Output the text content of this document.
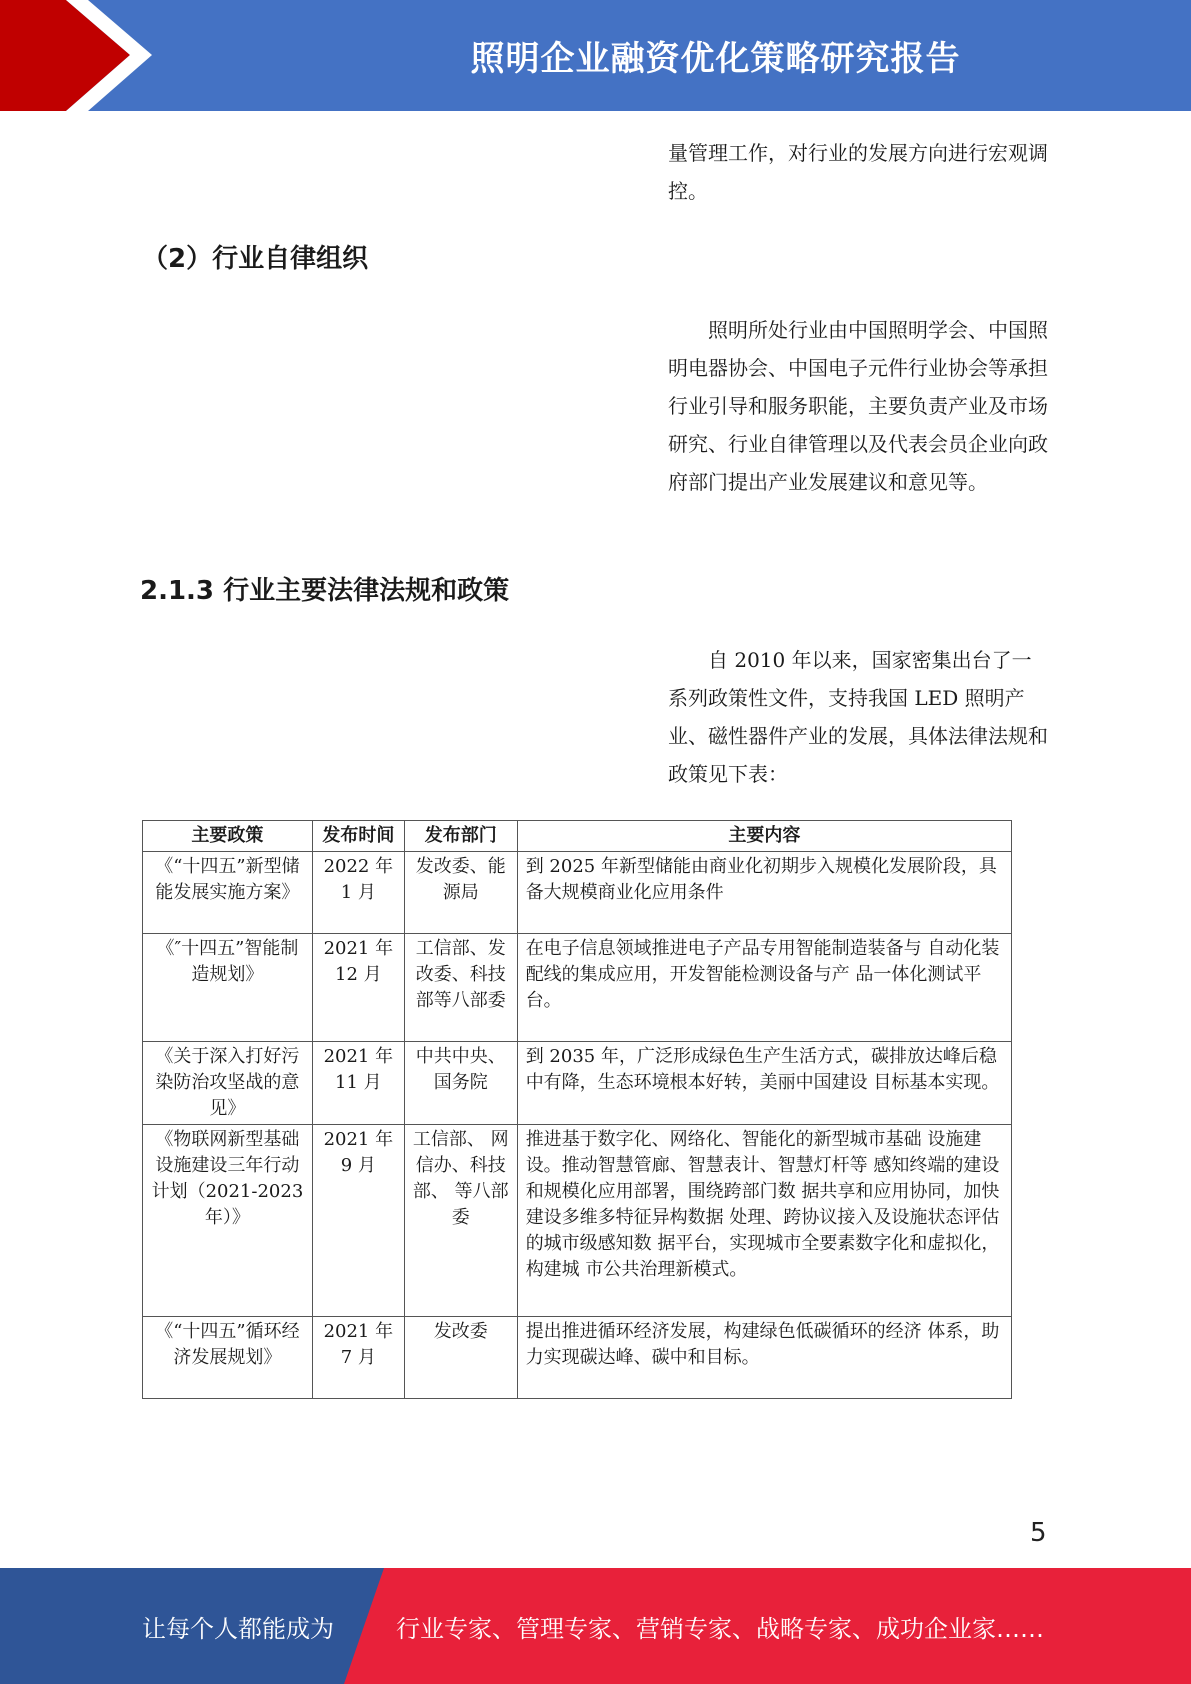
照明企业融资优化策略研究报告

量管理工作，对行业的发展方向进行宏观调控。

（2）行业自律组织

照明所处行业由中国照明学会、中国照明电器协会、中国电子元件行业协会等承担行业引导和服务职能，主要负责产业及市场研究、行业自律管理以及代表会员企业向政府部门提出产业发展建议和意见等。

2.1.3 行业主要法律法规和政策

自 2010 年以来，国家密集出台了一系列政策性文件，支持我国 LED 照明产业、磁性器件产业的发展，具体法律法规和政策见下表：

主要政策	发布时间	发布部门	主要内容
《“十四五”新型储能发展实施方案》	2022 年 1 月	发改委、能源局	到 2025 年新型储能由商业化初期步入规模化发展阶段，具备大规模商业化应用条件
《″十四五”智能制造规划》	2021 年 12 月	工信部、发改委、科技部等八部委	在电子信息领域推进电子产品专用智能制造装备与 自动化装配线的集成应用，开发智能检测设备与产 品一体化测试平台。
《关于深入打好污染防治攻坚战的意见》	2021 年 11 月	中共中央、国务院	到 2035 年，广泛形成绿色生产生活方式，碳排放达峰后稳中有降，生态环境根本好转，美丽中国建设 目标基本实现。
《物联网新型基础设施建设三年行动计划（2021-2023 年）》	2021 年 9 月	工信部、 网信办、科技部、 等八部委	推进基于数字化、网络化、智能化的新型城市基础 设施建设。推动智慧管廊、智慧表计、智慧灯杆等 感知终端的建设和规模化应用部署，围绕跨部门数 据共享和应用协同，加快建设多维多特征异构数据 处理、跨协议接入及设施状态评估的城市级感知数 据平台，实现城市全要素数字化和虚拟化，构建城 市公共治理新模式。
《“十四五”循环经济发展规划》	2021 年 7 月	发改委	提出推进循环经济发展，构建绿色低碳循环的经济 体系，助力实现碳达峰、碳中和目标。
5
让每个人都能成为	行业专家、管理专家、营销专家、战略专家、成功企业家……
